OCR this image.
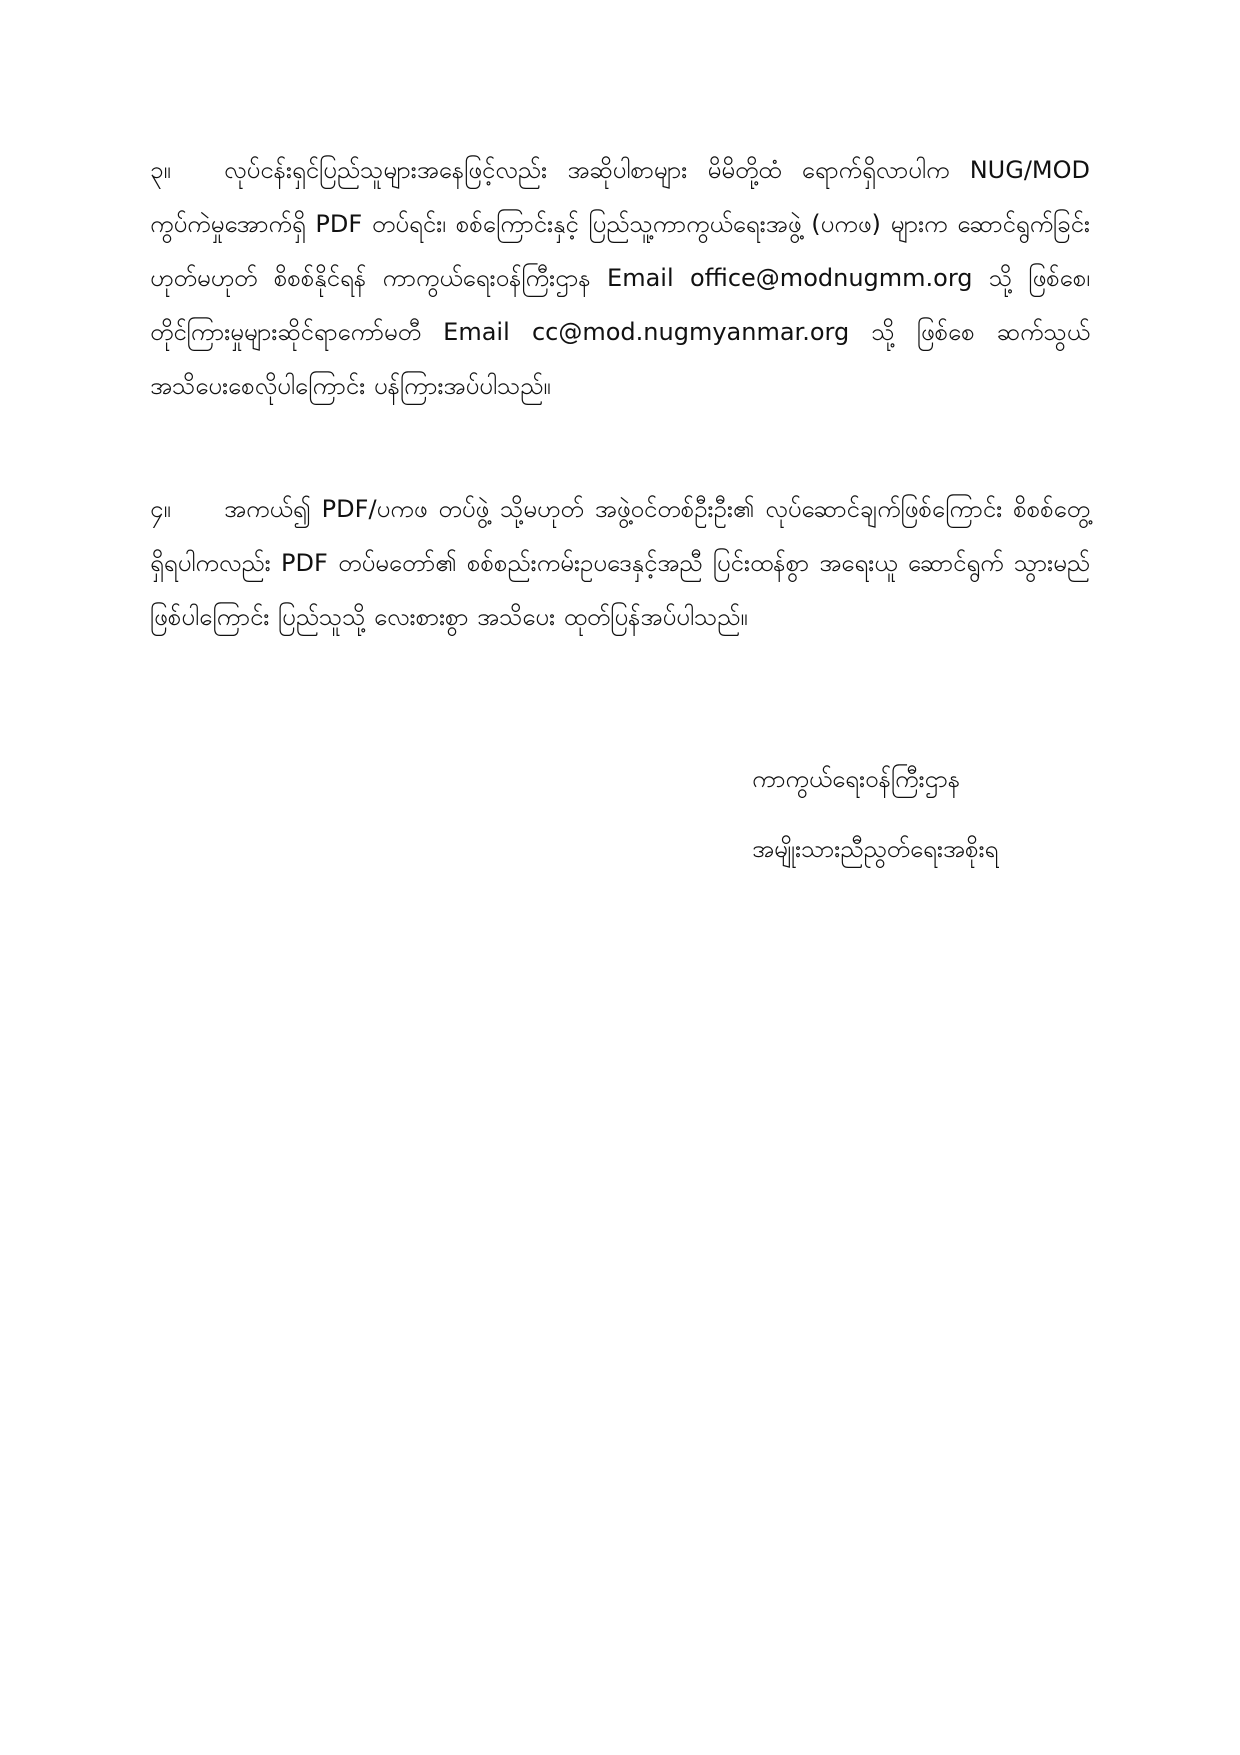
၃။ လုပ်ငန်းရှင်ပြည်သူများအနေဖြင့်လည်း အဆိုပါစာများ မိမိတို့ထံ ရောက်ရှိလာပါက NUG/MOD ကွပ်ကဲမှုအောက်ရှိ PDF တပ်ရင်း၊ စစ်ကြောင်းနှင့် ပြည်သူ့ကာကွယ်ရေးအဖွဲ့ (ပကဖ) များက ဆောင်ရွက်ခြင်း ဟုတ်မဟုတ် စိစစ်နိုင်ရန် ကာကွယ်ရေးဝန်ကြီးဌာန Email office@modnugmm.org သို့ ဖြစ်စေ၊ တိုင်ကြားမှုများဆိုင်ရာကော်မတီ Email cc@mod.nugmyanmar.org သို့ ဖြစ်စေ ဆက်သွယ် အသိပေးစေလိုပါကြောင်း ပန်ကြားအပ်ပါသည်။

၄။ အကယ်၍ PDF/ပကဖ တပ်ဖွဲ့ သို့မဟုတ် အဖွဲ့ဝင်တစ်ဦးဦး၏ လုပ်ဆောင်ချက်ဖြစ်ကြောင်း စိစစ်တွေ့ရှိရပါကလည်း PDF တပ်မတော်၏ စစ်စည်းကမ်းဥပဒေနှင့်အညီ ပြင်းထန်စွာ အရေးယူ ဆောင်ရွက် သွားမည် ဖြစ်ပါကြောင်း ပြည်သူသို့ လေးစားစွာ အသိပေး ထုတ်ပြန်အပ်ပါသည်။

ကာကွယ်ရေးဝန်ကြီးဌာန
အမျိုးသားညီညွတ်ရေးအစိုးရ
